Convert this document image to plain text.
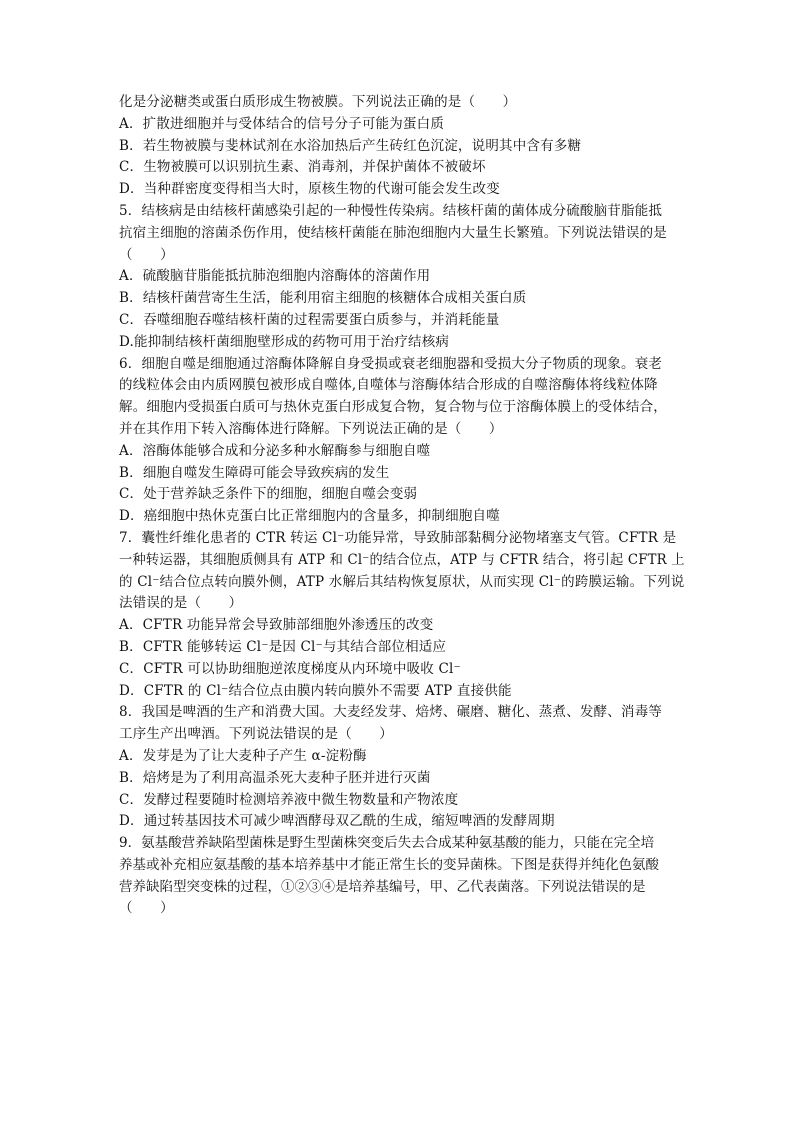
化是分泌糖类或蛋白质形成生物被膜。下列说法正确的是（　　）
A．扩散进细胞并与受体结合的信号分子可能为蛋白质
B．若生物被膜与斐林试剂在水浴加热后产生砖红色沉淀，说明其中含有多糖
C．生物被膜可以识别抗生素、消毒剂，并保护菌体不被破坏
D．当种群密度变得相当大时，原核生物的代谢可能会发生改变
5．结核病是由结核杆菌感染引起的一种慢性传染病。结核杆菌的菌体成分硫酸脑苷脂能抵
抗宿主细胞的溶菌杀伤作用，使结核杆菌能在肺泡细胞内大量生长繁殖。下列说法错误的是
（　　）
A．硫酸脑苷脂能抵抗肺泡细胞内溶酶体的溶菌作用
B．结核杆菌营寄生生活，能利用宿主细胞的核糖体合成相关蛋白质
C．吞噬细胞吞噬结核杆菌的过程需要蛋白质参与，并消耗能量
D.能抑制结核杆菌细胞壁形成的药物可用于治疗结核病
6．细胞自噬是细胞通过溶酶体降解自身受损或衰老细胞器和受损大分子物质的现象。衰老
的线粒体会由内质网膜包被形成自噬体,自噬体与溶酶体结合形成的自噬溶酶体将线粒体降
解。细胞内受损蛋白质可与热休克蛋白形成复合物，复合物与位于溶酶体膜上的受体结合，
并在其作用下转入溶酶体进行降解。下列说法正确的是（　　）
A．溶酶体能够合成和分泌多种水解酶参与细胞自噬
B．细胞自噬发生障碍可能会导致疾病的发生
C．处于营养缺乏条件下的细胞，细胞自噬会变弱
D．癌细胞中热休克蛋白比正常细胞内的含量多，抑制细胞自噬
7．囊性纤维化患者的 CTR 转运 Cl⁻功能异常，导致肺部黏稠分泌物堵塞支气管。CFTR 是
一种转运器，其细胞质侧具有 ATP 和 Cl⁻的结合位点，ATP 与 CFTR 结合，将引起 CFTR 上
的 Cl⁻结合位点转向膜外侧，ATP 水解后其结构恢复原状，从而实现 Cl⁻的跨膜运输。下列说
法错误的是（　　）
A．CFTR 功能异常会导致肺部细胞外渗透压的改变
B．CFTR 能够转运 Cl⁻是因 Cl⁻与其结合部位相适应
C．CFTR 可以协助细胞逆浓度梯度从内环境中吸收 Cl⁻
D．CFTR 的 Cl⁻结合位点由膜内转向膜外不需要 ATP 直接供能
8．我国是啤酒的生产和消费大国。大麦经发芽、焙烤、碾磨、糖化、蒸煮、发酵、消毒等
工序生产出啤酒。下列说法错误的是（　　）
A．发芽是为了让大麦种子产生 α-淀粉酶
B．焙烤是为了利用高温杀死大麦种子胚并进行灭菌
C．发酵过程要随时检测培养液中微生物数量和产物浓度
D．通过转基因技术可减少啤酒酵母双乙酰的生成，缩短啤酒的发酵周期
9．氨基酸营养缺陷型菌株是野生型菌株突变后失去合成某种氨基酸的能力，只能在完全培
养基或补充相应氨基酸的基本培养基中才能正常生长的变异菌株。下图是获得并纯化色氨酸
营养缺陷型突变株的过程，①②③④是培养基编号，甲、乙代表菌落。下列说法错误的是
（　　）
